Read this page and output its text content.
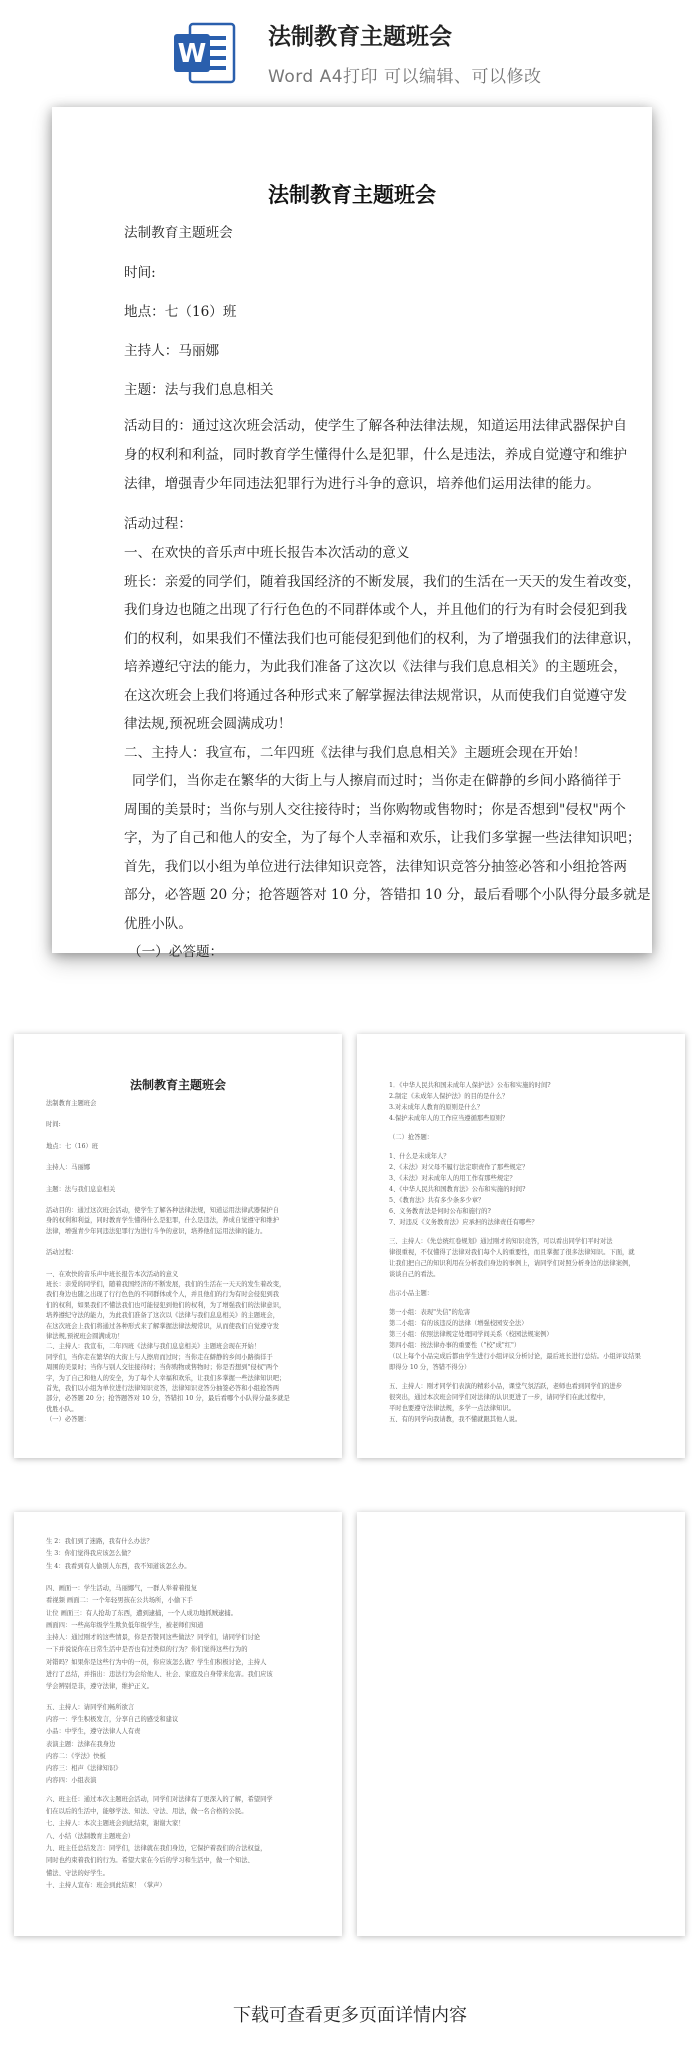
W
法制教育主题班会
Word A4打印 可以编辑、可以修改
法制教育主题班会
法制教育主题班会
时间:
地点：七（16）班
主持人：马丽娜
主题：法与我们息息相关
活动目的：通过这次班会活动，使学生了解各种法律法规，知道运用法律武器保护自
身的权利和利益，同时教育学生懂得什么是犯罪，什么是违法，养成自觉遵守和维护
法律，增强青少年同违法犯罪行为进行斗争的意识，培养他们运用法律的能力。
活动过程：
一、在欢快的音乐声中班长报告本次活动的意义
班长：亲爱的同学们，随着我国经济的不断发展，我们的生活在一天天的发生着改变，
我们身边也随之出现了行行色色的不同群体或个人，并且他们的行为有时会侵犯到我
们的权利，如果我们不懂法我们也可能侵犯到他们的权利，为了增强我们的法律意识，
培养遵纪守法的能力，为此我们准备了这次以《法律与我们息息相关》的主题班会，
在这次班会上我们将通过各种形式来了解掌握法律法规常识，从而使我们自觉遵守发
律法规,预祝班会圆满成功！
二、主持人：我宣布，二年四班《法律与我们息息相关》主题班会现在开始！
同学们，当你走在繁华的大街上与人擦肩而过时；当你走在僻静的乡间小路徜徉于
周围的美景时；当你与别人交往接待时；当你购物或售物时；你是否想到"侵权"两个
字，为了自己和他人的安全，为了每个人幸福和欢乐，让我们多掌握一些法律知识吧；
首先，我们以小组为单位进行法律知识竞答，法律知识竞答分抽签必答和小组抢答两
部分，必答题 20 分；抢答题答对 10 分，答错扣 10 分，最后看哪个小队得分最多就是
优胜小队。
（一）必答题：
法制教育主题班会
法制教育主题班会
时间:
地点：七（16）班
主持人：马丽娜
主题：法与我们息息相关
活动目的：通过这次班会活动，使学生了解各种法律法规，知道运用法律武器保护自
身的权利和利益，同时教育学生懂得什么是犯罪，什么是违法，养成自觉遵守和维护
法律，增强青少年同违法犯罪行为进行斗争的意识，培养他们运用法律的能力。
活动过程：
一、在欢快的音乐声中班长报告本次活动的意义
班长：亲爱的同学们，随着我国经济的不断发展，我们的生活在一天天的发生着改变，
我们身边也随之出现了行行色色的不同群体或个人，并且他们的行为有时会侵犯到我
们的权利，如果我们不懂法我们也可能侵犯到他们的权利，为了增强我们的法律意识，
培养遵纪守法的能力，为此我们准备了这次以《法律与我们息息相关》的主题班会，
在这次班会上我们将通过各种形式来了解掌握法律法规常识，从而使我们自觉遵守发
律法规,预祝班会圆满成功！
二、主持人：我宣布，二年四班《法律与我们息息相关》主题班会现在开始！
同学们，当你走在繁华的大街上与人擦肩而过时；当你走在僻静的乡间小路徜徉于
周围的美景时；当你与别人交往接待时；当你购物或售物时；你是否想到"侵权"两个
字，为了自己和他人的安全，为了每个人幸福和欢乐，让我们多掌握一些法律知识吧；
首先，我们以小组为单位进行法律知识竞答，法律知识竞答分抽签必答和小组抢答两
部分，必答题 20 分；抢答题答对 10 分，答错扣 10 分，最后看哪个小队得分最多就是
优胜小队。
（一）必答题：
1．《中华人民共和国未成年人保护法》公布和实施的时间?
2.制定《未成年人保护法》的目的是什么？
3.对未成年人教育的原则是什么？
4.保护未成年人的工作应当遵循那些原则？
（二）抢答题：
1、什么是未成年人？
2、《未法》对父母不履行法定职责作了那些规定？
3、《未法》对未成年人的用工作有那些规定？
4、《中华人民共和国教育法》公布和实施的时间?
5、《教育法》共有多少条多少章？
6、义务教育法是何时公布和施行的?
7、对违反《义务教育法》应承担的法律责任有哪些？
三、主持人：《先总统红卷规划》通过刚才的知识竞答，可以看出同学们平时对法
律很重视，不仅懂得了法律对我们每个人的重要性，而且掌握了很多法律知识。下面，就
让我们把自己的知识利用在分析我们身边的事例上，请同学们对照分析身边的法律案例，
谈谈自己的看法。
出示小品主题：
第一小组：表现"失信"的危害
第二小组：有的该违反的法律（增强校园安全法）
第三小组：依照法律规定处理同学间关系（校园法规案例）
第四小组：按法律办事的重要性（"校"成"红"）
（以上每个小品完成后都由学生进行小组评议分析讨论，最后班长进行总结。小组评议结果
即得分 10 分，答错不得分）
五、主持人：刚才同学们表演的精彩小品，课堂气氛活跃，老师也看到同学们的进步
很突出，通过本次班会同学们对法律的认识更进了一步，请同学们在此过程中，
平时也要遵守法律法规，多学一点法律知识。
五、有的同学向我请教，我不懂就跟其他人说。
生 2：我们到了迷路，我有什么办法？
生 3：你们觉得我应该怎么做？
生 4：我看到有人偷别人东西，我不知道该怎么办。
四、画面一：学生活动，马丽娜气，一群人举着着报复
看视频 画面二：一个年轻男孩在公共场所，小偷下手
让位 画面三：有人抢劫了东西，遭到逮捕，一个人成功地抓贼逮捕。
画面四：一些高年级学生欺负低年级学生，被老师们知道
主持人：通过刚才的这些情景，你是否赞同这些做法？同学们，请同学们讨论
一下并说说你在日常生活中是否也有过类似的行为？你们觉得这些行为的
对错吗？如果你是这些行为中的一员，你应该怎么做？学生们积极讨论，主持人
进行了总结，并指出：违法行为会给他人、社会、家庭及自身带来危害。我们应该
学会辨别是非，遵守法律，维护正义。
五、主持人：请同学们畅所欲言
内容一：学生积极发言，分享自己的感受和建议
小品：中学生，遵守法律人人有责
表演主题：法律在我身边
内容二：《学法》快板
内容三：相声《法律知识》
内容四：小组表演
六、班主任：通过本次主题班会活动，同学们对法律有了更深入的了解，希望同学
们在以后的生活中，能够学法、知法、守法、用法，做一名合格的公民。
七、主持人：本次主题班会到此结束，谢谢大家！
八、小结（法制教育主题班会）
九、班主任总结发言：同学们，法律就在我们身边，它保护着我们的合法权益，
同时也约束着我们的行为。希望大家在今后的学习和生活中，做一个知法、
懂法、守法的好学生。
十、主持人宣布：班会到此结束！（掌声）
下载可查看更多页面详情内容
